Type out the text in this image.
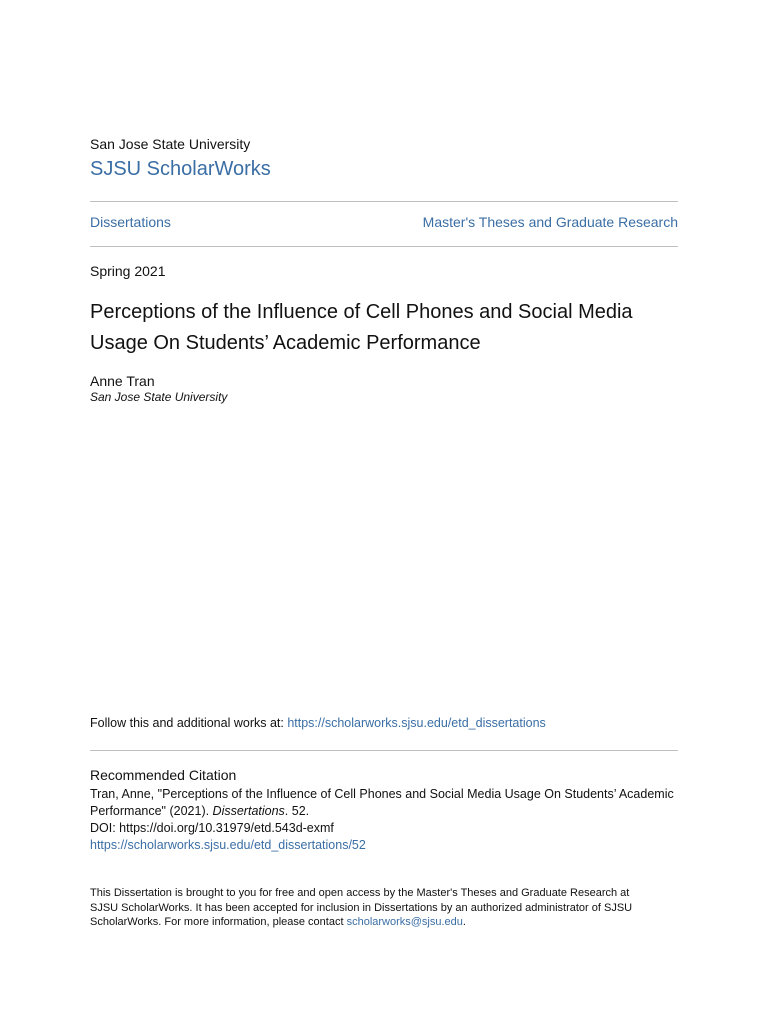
San Jose State University
SJSU ScholarWorks
Dissertations	Master's Theses and Graduate Research
Spring 2021
Perceptions of the Influence of Cell Phones and Social Media
Usage On Students’ Academic Performance
Anne Tran
San Jose State University
Follow this and additional works at: https://scholarworks.sjsu.edu/etd_dissertations
Recommended Citation
Tran, Anne, "Perceptions of the Influence of Cell Phones and Social Media Usage On Students’ Academic
Performance" (2021). Dissertations. 52.
DOI: https://doi.org/10.31979/etd.543d-exmf
https://scholarworks.sjsu.edu/etd_dissertations/52
This Dissertation is brought to you for free and open access by the Master's Theses and Graduate Research at
SJSU ScholarWorks. It has been accepted for inclusion in Dissertations by an authorized administrator of SJSU
ScholarWorks. For more information, please contact scholarworks@sjsu.edu.
